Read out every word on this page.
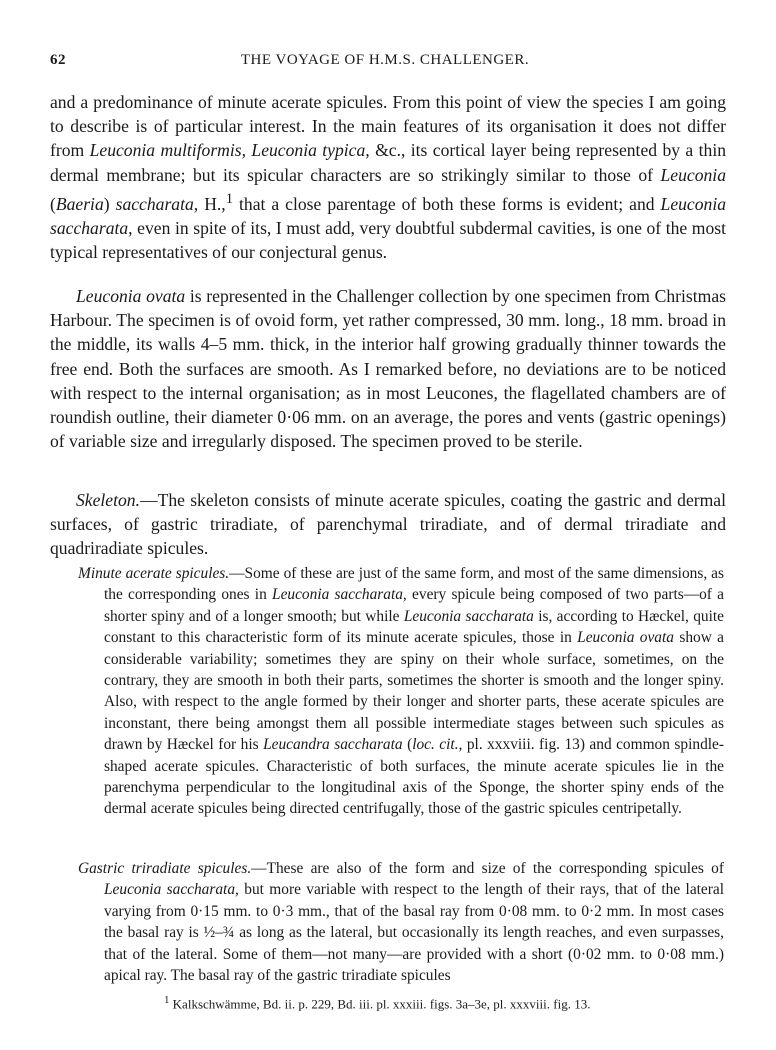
62	THE VOYAGE OF H.M.S. CHALLENGER.
and a predominance of minute acerate spicules. From this point of view the species I am going to describe is of particular interest. In the main features of its organisation it does not differ from Leuconia multiformis, Leuconia typica, &c., its cortical layer being represented by a thin dermal membrane; but its spicular characters are so strikingly similar to those of Leuconia (Baeria) saccharata, H.,$^1$ that a close parentage of both these forms is evident; and Leuconia saccharata, even in spite of its, I must add, very doubtful subdermal cavities, is one of the most typical representatives of our conjectural genus.
Leuconia ovata is represented in the Challenger collection by one specimen from Christmas Harbour. The specimen is of ovoid form, yet rather compressed, 30 mm. long., 18 mm. broad in the middle, its walls 4–5 mm. thick, in the interior half growing gradually thinner towards the free end. Both the surfaces are smooth. As I remarked before, no deviations are to be noticed with respect to the internal organisation; as in most Leucones, the flagellated chambers are of roundish outline, their diameter 0·06 mm. on an average, the pores and vents (gastric openings) of variable size and irregularly disposed. The specimen proved to be sterile.
Skeleton.—The skeleton consists of minute acerate spicules, coating the gastric and dermal surfaces, of gastric triradiate, of parenchymal triradiate, and of dermal triradiate and quadriradiate spicules.
Minute acerate spicules.—Some of these are just of the same form, and most of the same dimensions, as the corresponding ones in Leuconia saccharata, every spicule being composed of two parts—of a shorter spiny and of a longer smooth; but while Leuconia saccharata is, according to Hæckel, quite constant to this characteristic form of its minute acerate spicules, those in Leuconia ovata show a considerable variability; sometimes they are spiny on their whole surface, sometimes, on the contrary, they are smooth in both their parts, sometimes the shorter is smooth and the longer spiny. Also, with respect to the angle formed by their longer and shorter parts, these acerate spicules are inconstant, there being amongst them all possible intermediate stages between such spicules as drawn by Hæckel for his Leucandra saccharata (loc. cit., pl. xxxviii. fig. 13) and common spindle-shaped acerate spicules. Characteristic of both surfaces, the minute acerate spicules lie in the parenchyma perpendicular to the longitudinal axis of the Sponge, the shorter spiny ends of the dermal acerate spicules being directed centrifugally, those of the gastric spicules centripetally.
Gastric triradiate spicules.—These are also of the form and size of the corresponding spicules of Leuconia saccharata, but more variable with respect to the length of their rays, that of the lateral varying from 0·15 mm. to 0·3 mm., that of the basal ray from 0·08 mm. to 0·2 mm. In most cases the basal ray is ½–¾ as long as the lateral, but occasionally its length reaches, and even surpasses, that of the lateral. Some of them—not many—are provided with a short (0·02 mm. to 0·08 mm.) apical ray. The basal ray of the gastric triradiate spicules
$^1$ Kalkschwämme, Bd. ii. p. 229, Bd. iii. pl. xxxiii. figs. 3a–3e, pl. xxxviii. fig. 13.
